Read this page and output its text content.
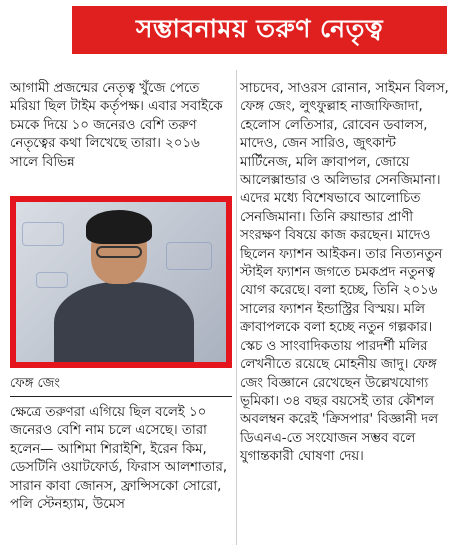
সম্ভাবনাময় তরুণ নেতৃত্ব

আগামী প্রজন্মের নেতৃত্ব খুঁজে পেতে মরিয়া ছিল টাইম কর্তৃপক্ষ। এবার সবাইকে চমকে দিয়ে ১০ জনেরও বেশি তরুণ নেতৃত্বের কথা লিখেছে তারা। ২০১৬ সালে বিভিন্ন

ফেঙ্গ জেং

ক্ষেত্রে তরুণরা এগিয়ে ছিল বলেই ১০ জনেরও বেশি নাম চলে এসেছে। তারা হলেন— আশিমা শিরাইশি, ইরেন কিম, ডেসটিনি ওয়াটফোর্ড, ফিরাস আলশাতার, সারান কাবা জোনস, ফ্রান্সিসকো সোরো, পলি স্টেনহ্যাম, উমেস

সাচদেব, সাওরস রোনান, সাইমন বিলস, ফেঙ্গ জেং, লুৎফুল্লাহ নাজাফিজাদা, হেলোস লেতিসার, রোবেন ডবালস, মাদেও, জেন সারিও, জুৎকান্ট মার্টিনেজ, মলি ক্রাবাপল, জোয়ে আলেক্সান্ডার ও অলিভার সেনজিমানা। এদের মধ্যে বিশেষভাবে আলোচিত সেনজিমানা। তিনি রুয়ান্ডার প্রাণী সংরক্ষণ বিষয়ে কাজ করছেন। মাদেও ছিলেন ফ্যাশন আইকন। তার নিত্যনতুন স্টাইল ফ্যাশন জগতে চমকপ্রদ নতুনত্ব যোগ করেছে। বলা হচ্ছে, তিনি ২০১৬ সালের ফ্যাশন ইন্ডাস্ট্রির বিস্ময়। মলি ক্রাবাপলকে বলা হচ্ছে নতুন গল্পকার। স্কেচ ও সাংবাদিকতায় পারদর্শী মলির লেখনীতে রয়েছে মোহনীয় জাদু। ফেঙ্গ জেং বিজ্ঞানে রেখেছেন উল্লেখযোগ্য ভূমিকা। ৩৪ বছর বয়সেই তার কৌশল অবলম্বন করেই 'ক্রিসপার' বিজ্ঞানী দল ডিএনএ-তে সংযোজন সম্ভব বলে যুগান্তকারী ঘোষণা দেয়।
